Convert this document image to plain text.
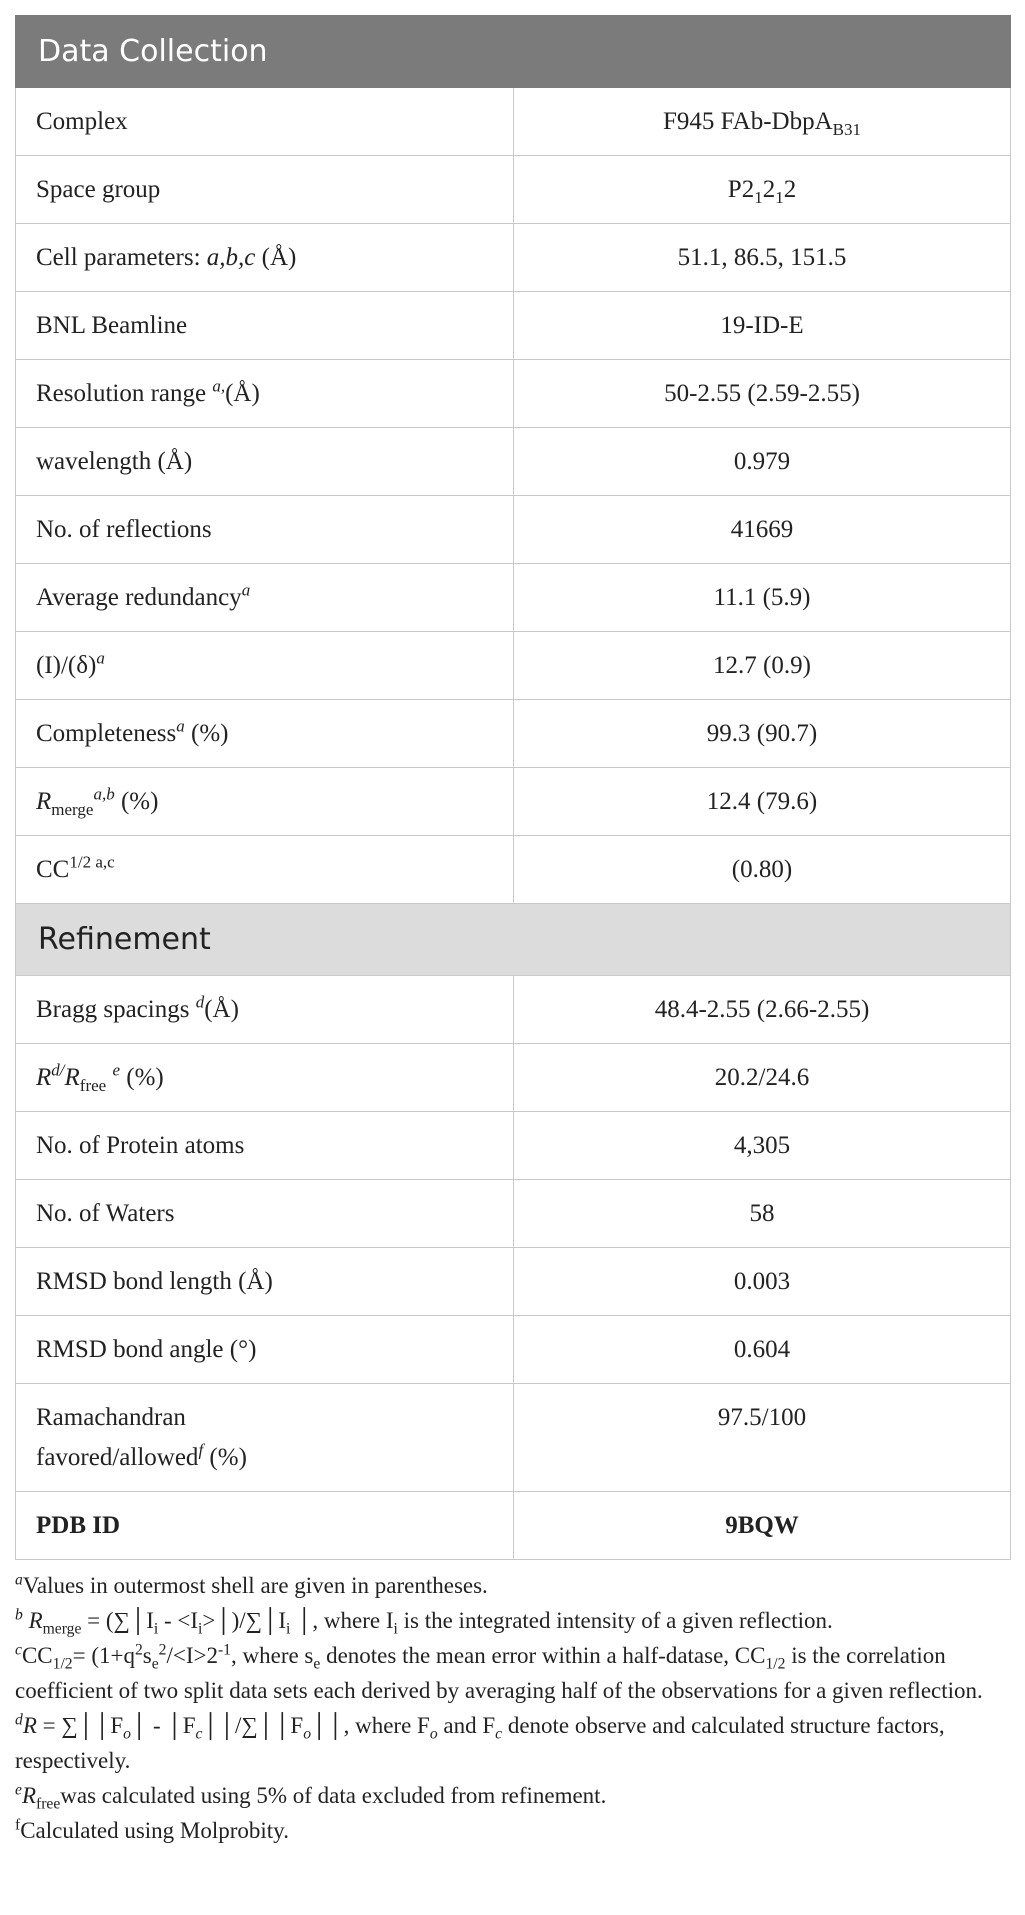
Data Collection	
Complex	F945 FAb-DbpA$_{B31}$
Space group	$P2_12_12$
Cell parameters: a,b,c (Å)	51.1, 86.5, 151.5
BNL Beamline	19-ID-E
Resolution range $^{a,}$(Å)	50-2.55 (2.59-2.55)
wavelength (Å)	0.979
No. of reflections	41669
Average redundancy$^a$	11.1 (5.9)
$(I)/(\delta)^a$	12.7 (0.9)
Completeness$^a$ (%)	99.3 (90.7)
$R_{merge}^{a,b}$ (%)	12.4 (79.6)
$CC^{1/2 a,c}$	(0.80)
Refinement	
Bragg spacings $^d$(Å)	48.4-2.55 (2.66-2.55)
$R^{d/}R_{free}$ $^e$ (%)	20.2/24.6
No. of Protein atoms	4,305
No. of Waters	58
RMSD bond length (Å)	0.003
RMSD bond angle (°)	0.604
Ramachandran
favored/allowed$^f$ (%)	97.5/100
PDB ID	9BQW

$^a$Values in outermost shell are given in parentheses.

$^b$ $R_{merge}$ = ($\sum│I_i$ - $<I_i>│)/\sum│I_i$ │, where $I_i$ is the integrated intensity of a given reflection.

$^cCC_{1/2}= (1+q^2s_e^2/<I>2^{-1}$, where $s_e$ denotes the mean error within a half-datase, $CC_{1/2}$ is the correlation coefficient of two split data sets each derived by averaging half of the observations for a given reflection.

$^dR = \sum││F_o│$ - $│F_c││/\sum││F_o││$, where $F_o$ and $F_c$ denote observe and calculated structure factors, respectively.

$^eR_{free}was$ calculated using 5% of data excluded from refinement.

$^f$Calculated using Molprobity.
